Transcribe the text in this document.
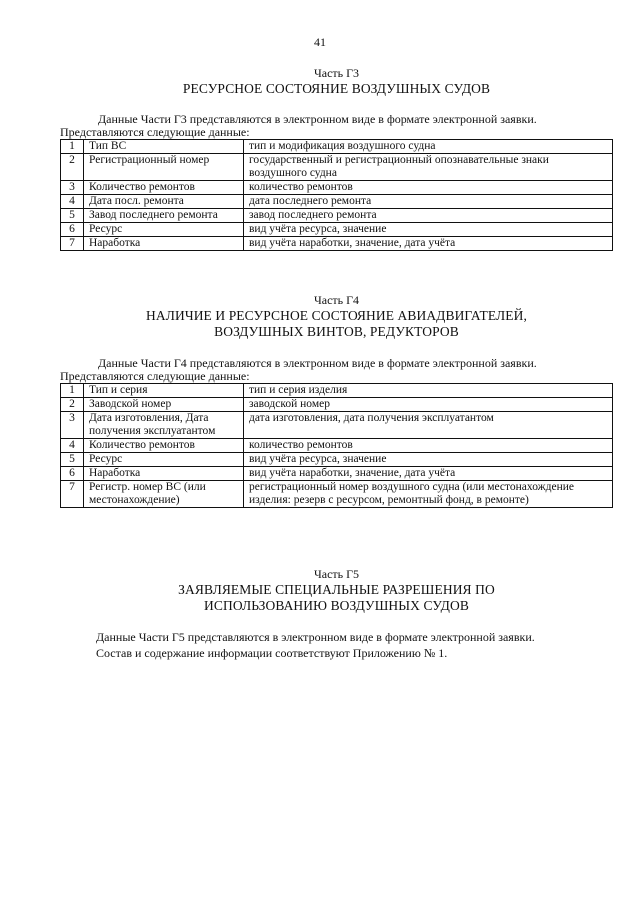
41
Часть Г3
РЕСУРСНОЕ СОСТОЯНИЕ ВОЗДУШНЫХ СУДОВ
Данные Части Г3 представляются в электронном виде в формате электронной заявки.
Представляются следующие данные:
1	Тип ВС	тип и модификация воздушного судна
2	Регистрационный номер	государственный и регистрационный опознавательные знаки воздушного судна
3	Количество ремонтов	количество ремонтов
4	Дата посл. ремонта	дата последнего ремонта
5	Завод последнего ремонта	завод последнего ремонта
6	Ресурс	вид учёта ресурса, значение
7	Наработка	вид учёта наработки, значение, дата учёта
Часть Г4
НАЛИЧИЕ И РЕСУРСНОЕ СОСТОЯНИЕ АВИАДВИГАТЕЛЕЙ, ВОЗДУШНЫХ ВИНТОВ, РЕДУКТОРОВ
Данные Части Г4 представляются в электронном виде в формате электронной заявки.
Представляются следующие данные:
1	Тип и серия	тип и серия изделия
2	Заводской номер	заводской номер
3	Дата изготовления, Дата получения эксплуатантом	дата изготовления, дата получения эксплуатантом
4	Количество ремонтов	количество ремонтов
5	Ресурс	вид учёта ресурса, значение
6	Наработка	вид учёта наработки, значение, дата учёта
7	Регистр. номер ВС (или местонахождение)	регистрационный номер воздушного судна (или местонахождение изделия: резерв с ресурсом, ремонтный фонд, в ремонте)
Часть Г5
ЗАЯВЛЯЕМЫЕ СПЕЦИАЛЬНЫЕ РАЗРЕШЕНИЯ ПО ИСПОЛЬЗОВАНИЮ ВОЗДУШНЫХ СУДОВ
Данные Части Г5 представляются в электронном виде в формате электронной заявки.
Состав и содержание информации соответствуют Приложению № 1.
